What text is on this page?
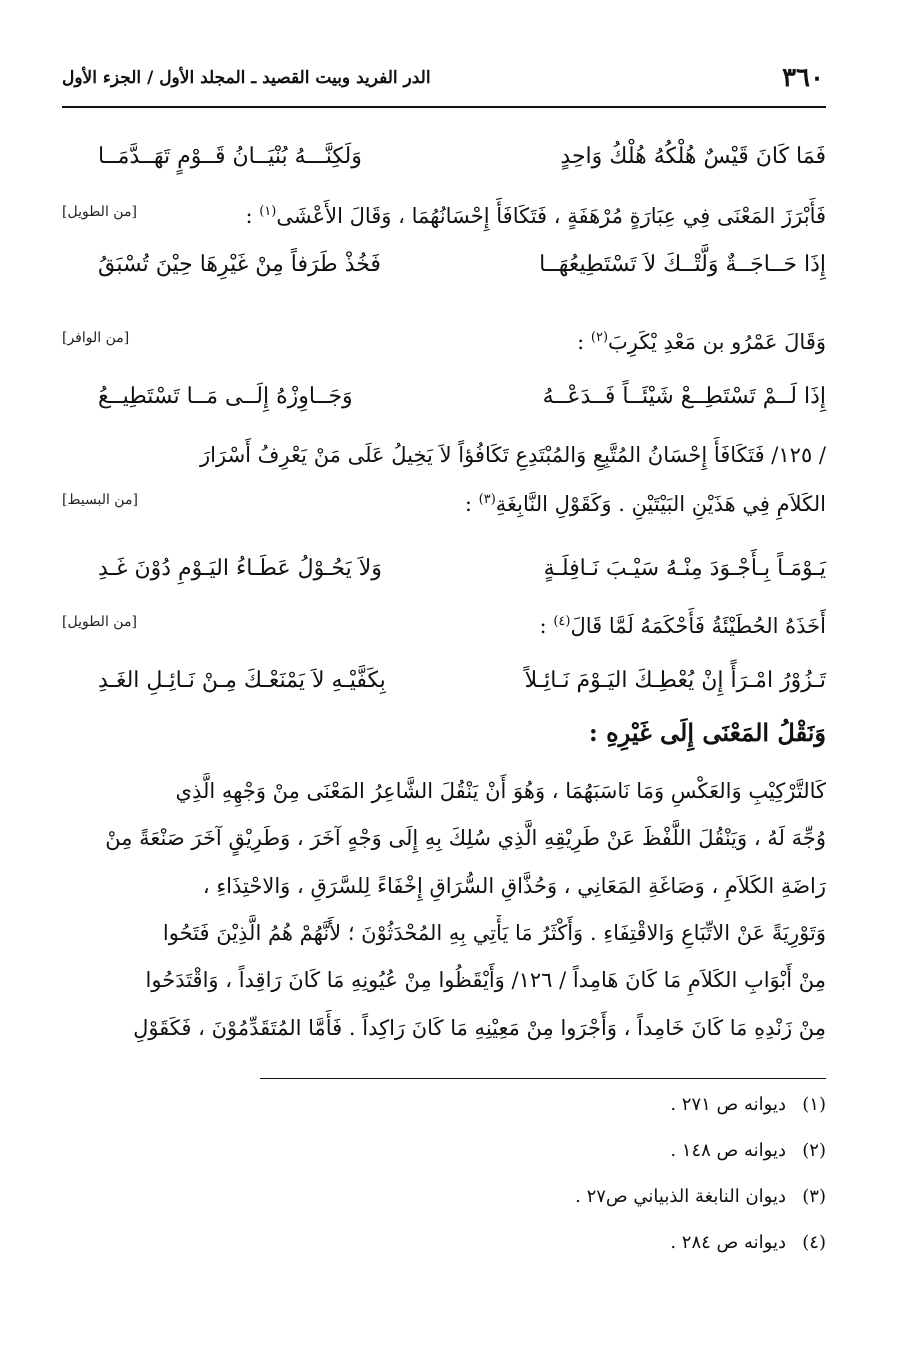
٣٦٠
الدر الفريد وبيت القصيد ـ المجلد الأول / الجزء الأول
فَمَا كَانَ قَيْسٌ هُلْكُهُ هُلْكُ وَاحِدٍ
وَلَكِنَّـــهُ بُنْيَــانُ قَــوْمٍ تَهَــدَّمَــا
فَأَبْرَزَ المَعْنَى فِي عِبَارَةٍ مُرْهَفَةٍ ، فَتَكَافَأَ إِحْسَانُهُمَا ، وَقَالَ الأَعْشَى$^{(١)}$ :
[من الطويل]
إِذَا حَــاجَــةٌ وَلَّتْــكَ لاَ تَسْتَطِيعُهَــا
فَخُذْ طَرَفاً مِنْ غَيْرِهَا حِيْنَ تُسْبَقُ
وَقَالَ عَمْرُو بن مَعْدِ يْكَرِبَ$^{(٢)}$ :
[من الوافر]
إِذَا لَــمْ تَسْتَطِــعْ شَيْئَــاً فَــدَعْــهُ
وَجَــاوِزْهُ إِلَــى مَــا تَسْتَطِيــعُ
/ ١٢٥/ فَتَكَافَأَ إِحْسَانُ المُتَّبِعِ وَالمُبْتَدِعِ تَكَافُؤاً لاَ يَخِيلُ عَلَى مَنْ يَعْرِفُ أَسْرَارَ
الكَلاَمِ فِي هَذَيْنِ البَيْتَيْنِ . وَكَقَوْلِ النَّابِغَةِ$^{(٣)}$ :
[من البسيط]
يَـوْمَـاً بِـأَجْـوَدَ مِنْـهُ سَيْـبَ نَـافِلَـةٍ
وَلاَ يَحُـوْلُ عَطَـاءُ اليَـوْمِ دُوْنَ غَـدِ
أَخَذَهُ الحُطَيْئَةُ فَأَحْكَمَهُ لَمَّا قَالَ$^{(٤)}$ :
[من الطويل]
تَـزُوْرُ امْـرَأً إِنْ يُعْطِـكَ اليَـوْمَ نَـائِـلاً
بِكَفَّيْـهِ لاَ يَمْنَعْـكَ مِـنْ نَـائِـلِ الغَـدِ
وَنَقْلُ المَعْنَى إِلَى غَيْرِهِ :
كَالتَّرْكِيْبِ وَالعَكْسِ وَمَا نَاسَبَهُمَا ، وَهُوَ أَنْ يَنْقُلَ الشَّاعِرُ المَعْنَى مِنْ وَجْهِهِ الَّذِي
وُجِّهَ لَهُ ، وَيَنْقُلَ اللَّفْظَ عَنْ طَرِيْقِهِ الَّذِي سُلِكَ بِهِ إِلَى وَجْهٍ آخَرَ ، وَطَرِيْقٍ آخَرَ صَنْعَةً مِنْ
رَاضَةِ الكَلاَمِ ، وَصَاغَةِ المَعَانِي ، وَحُذَّاقِ السُّرَاقِ إِخْفَاءً لِلسَّرَقِ ، وَالاحْتِذَاءِ ،
وَتَوْرِيَةً عَنْ الاتِّبَاعِ وَالاقْتِفَاءِ . وَأَكْثَرُ مَا يَأْتِي بِهِ المُحْدَثُوْنَ ؛ لأَنَّهُمْ هُمُ الَّذِيْنَ فَتَحُوا
مِنْ أَبْوَابِ الكَلاَمِ مَا كَانَ هَامِداً / ١٢٦/ وَأَيْقَظُوا مِنْ عُيُونِهِ مَا كَانَ رَاقِداً ، وَاقْتَدَحُوا
مِنْ زَنْدِهِ مَا كَانَ خَامِداً ، وَأَجْرَوا مِنْ مَعِيْنِهِ مَا كَانَ رَاكِداً . فَأَمَّا المُتَقَدِّمُوْنَ ، فَكَقَوْلِ
(١)ديوانه ص ٢٧١ .
(٢)ديوانه ص ١٤٨ .
(٣)ديوان النابغة الذبياني ص٢٧ .
(٤)ديوانه ص ٢٨٤ .
